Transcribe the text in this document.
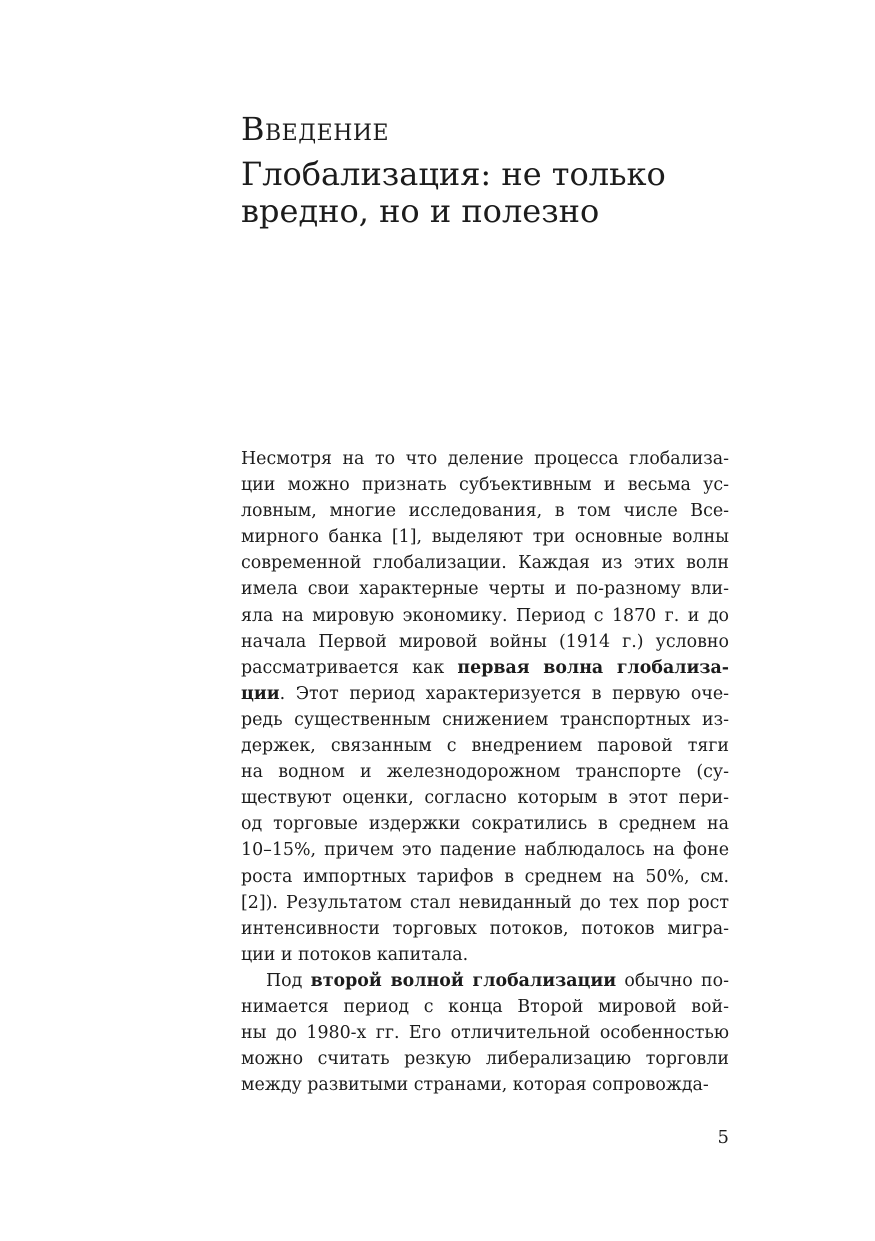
Введение
Глобализация: не только вредно, но и полезно
Несмотря на то что деление процесса глобализа-
ции можно признать субъективным и весьма ус-
ловным, многие исследования, в том числе Все-
мирного банка [1], выделяют три основные волны
современной глобализации. Каждая из этих волн
имела свои характерные черты и по-разному вли-
яла на мировую экономику. Период с 1870 г. и до
начала Первой мировой войны (1914 г.) условно
рассматривается как первая волна глобализа-
ции. Этот период характеризуется в первую оче-
редь существенным снижением транспортных из-
держек, связанным с внедрением паровой тяги
на водном и железнодорожном транспорте (су-
ществуют оценки, согласно которым в этот пери-
од торговые издержки сократились в среднем на
10–15%, причем это падение наблюдалось на фоне
роста импортных тарифов в среднем на 50%, см.
[2]). Результатом стал невиданный до тех пор рост
интенсивности торговых потоков, потоков мигра-
ции и потоков капитала.
Под второй волной глобализации обычно по-
нимается период с конца Второй мировой вой-
ны до 1980-х гг. Его отличительной особенностью
можно считать резкую либерализацию торговли
между развитыми странами, которая сопровожда-
5
